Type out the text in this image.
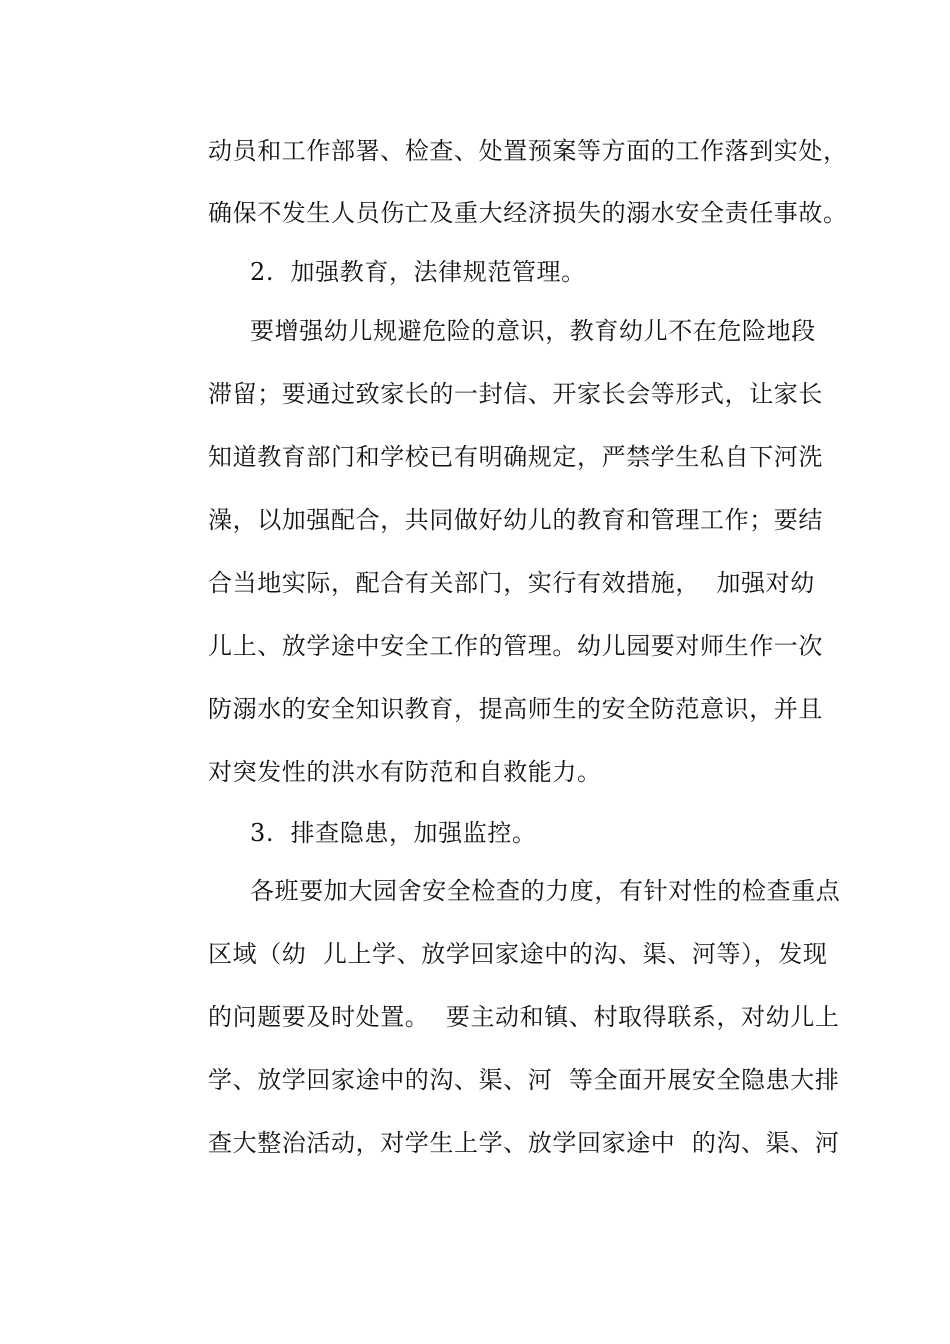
动员和工作部署、检查、处置预案等方面的工作落到实处，
确保不发生人员伤亡及重大经济损失的溺水安全责任事故。
2.  加强教育，法律规范管理。
要增强幼儿规避危险的意识，教育幼儿不在危险地段
滞留；要通过致家长的一封信、开家长会等形式，让家长
知道教育部门和学校已有明确规定，严禁学生私自下河洗
澡，以加强配合，共同做好幼儿的教育和管理工作；要结
合当地实际，配合有关部门，实行有效措施，  加强对幼
儿上、放学途中安全工作的管理。幼儿园要对师生作一次
防溺水的安全知识教育，提高师生的安全防范意识，并且
对突发性的洪水有防范和自救能力。
3.  排查隐患，加强监控。
各班要加大园舍安全检查的力度，有针对性的检查重点
区域（幼  儿上学、放学回家途中的沟、渠、河等），发现
的问题要及时处置。  要主动和镇、村取得联系，对幼儿上
学、放学回家途中的沟、渠、河  等全面开展安全隐患大排
查大整治活动，对学生上学、放学回家途中  的沟、渠、河
